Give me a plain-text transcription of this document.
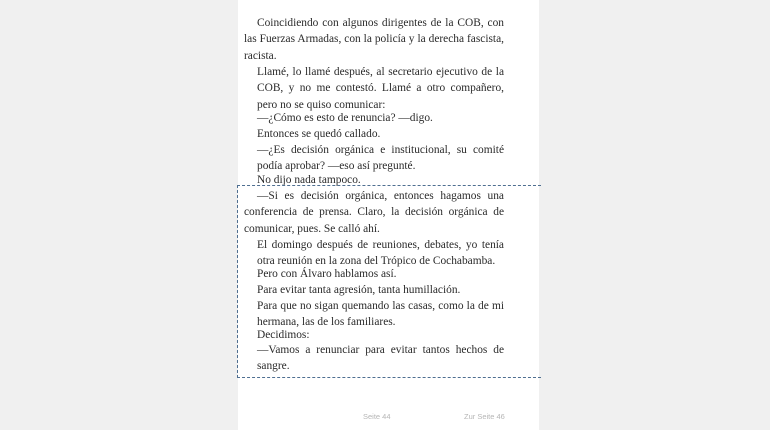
Coincidiendo con algunos dirigentes de la COB, con las Fuerzas Armadas, con la policía y la derecha fascista, racista.

Llamé, lo llamé después, al secretario ejecutivo de la COB, y no me contestó. Llamé a otro compañero, pero no se quiso comunicar:

—¿Cómo es esto de renuncia? —digo.

Entonces se quedó callado.

—¿Es decisión orgánica e institucional, su comité podía aprobar? —eso así pregunté.

No dijo nada tampoco.

—Si es decisión orgánica, entonces hagamos una conferencia de prensa. Claro, la decisión orgánica de comunicar, pues. Se calló ahí.

El domingo después de reuniones, debates, yo tenía otra reunión en la zona del Trópico de Cochabamba.

Pero con Álvaro hablamos así.

Para evitar tanta agresión, tanta humillación.

Para que no sigan quemando las casas, como la de mi hermana, las de los familiares.

Decidimos:

—Vamos a renunciar para evitar tantos hechos de sangre.

Seite 44	Zur Seite 46
